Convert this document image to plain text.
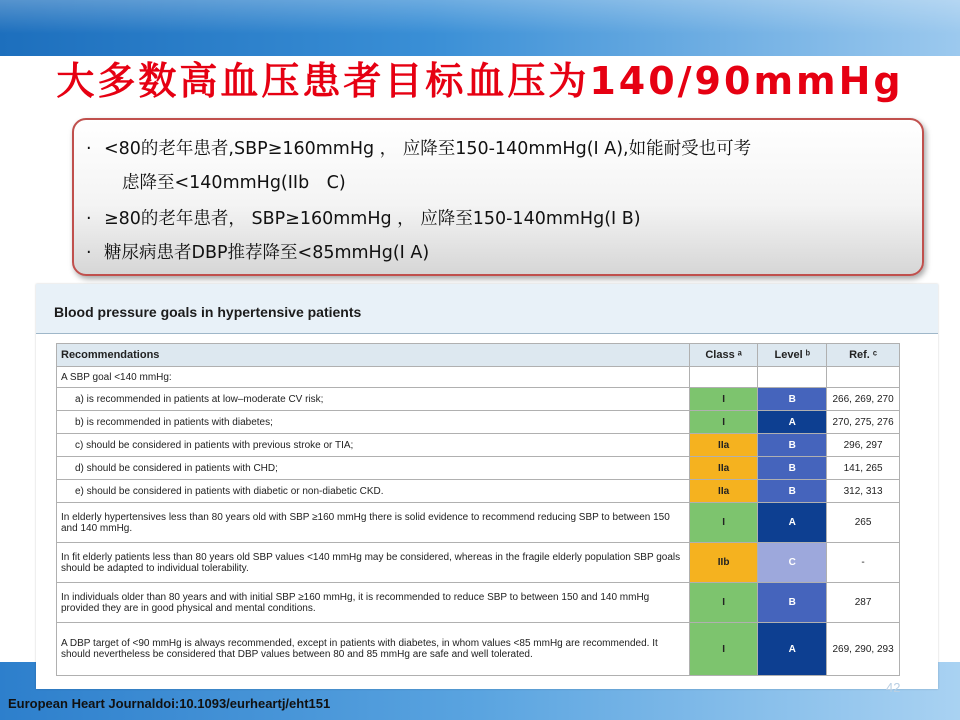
大多数高血压患者目标血压为140/90mmHg
· <80的老年患者,SBP≥160mmHg ， 应降至150-140mmHg(I A),如能耐受也可考
虑降至<140mmHg(IIb　C)
· ≥80的老年患者， SBP≥160mmHg ， 应降至150-140mmHg(I B)
· 糖尿病患者DBP推荐降至<85mmHg(I A)
Blood pressure goals in hypertensive patients
Recommendations	Class ᵃ	Level ᵇ	Ref. ᶜ
A SBP goal <140 mmHg:			
a) is recommended in patients at low–moderate CV risk;	I	B	266, 269, 270
b) is recommended in patients with diabetes;	I	A	270, 275, 276
c) should be considered in patients with previous stroke or TIA;	IIa	B	296, 297
d) should be considered in patients with CHD;	IIa	B	141, 265
e) should be considered in patients with diabetic or non-diabetic CKD.	IIa	B	312, 313
In elderly hypertensives less than 80 years old with SBP ≥160 mmHg there is solid evidence to recommend reducing SBP to between 150 and 140 mmHg.	I	A	265
In fit elderly patients less than 80 years old SBP values <140 mmHg may be considered, whereas in the fragile elderly population SBP goals should be adapted to individual tolerability.	IIb	C	-
In individuals older than 80 years and with initial SBP ≥160 mmHg, it is recommended to reduce SBP to between 150 and 140 mmHg provided they are in good physical and mental conditions.	I	B	287
A DBP target of <90 mmHg is always recommended, except in patients with diabetes, in whom values <85 mmHg are recommended. It should nevertheless be considered that DBP values between 80 and 85 mmHg are safe and well tolerated.	I	A	269, 290, 293
42
European Heart Journaldoi:10.1093/eurheartj/eht151
